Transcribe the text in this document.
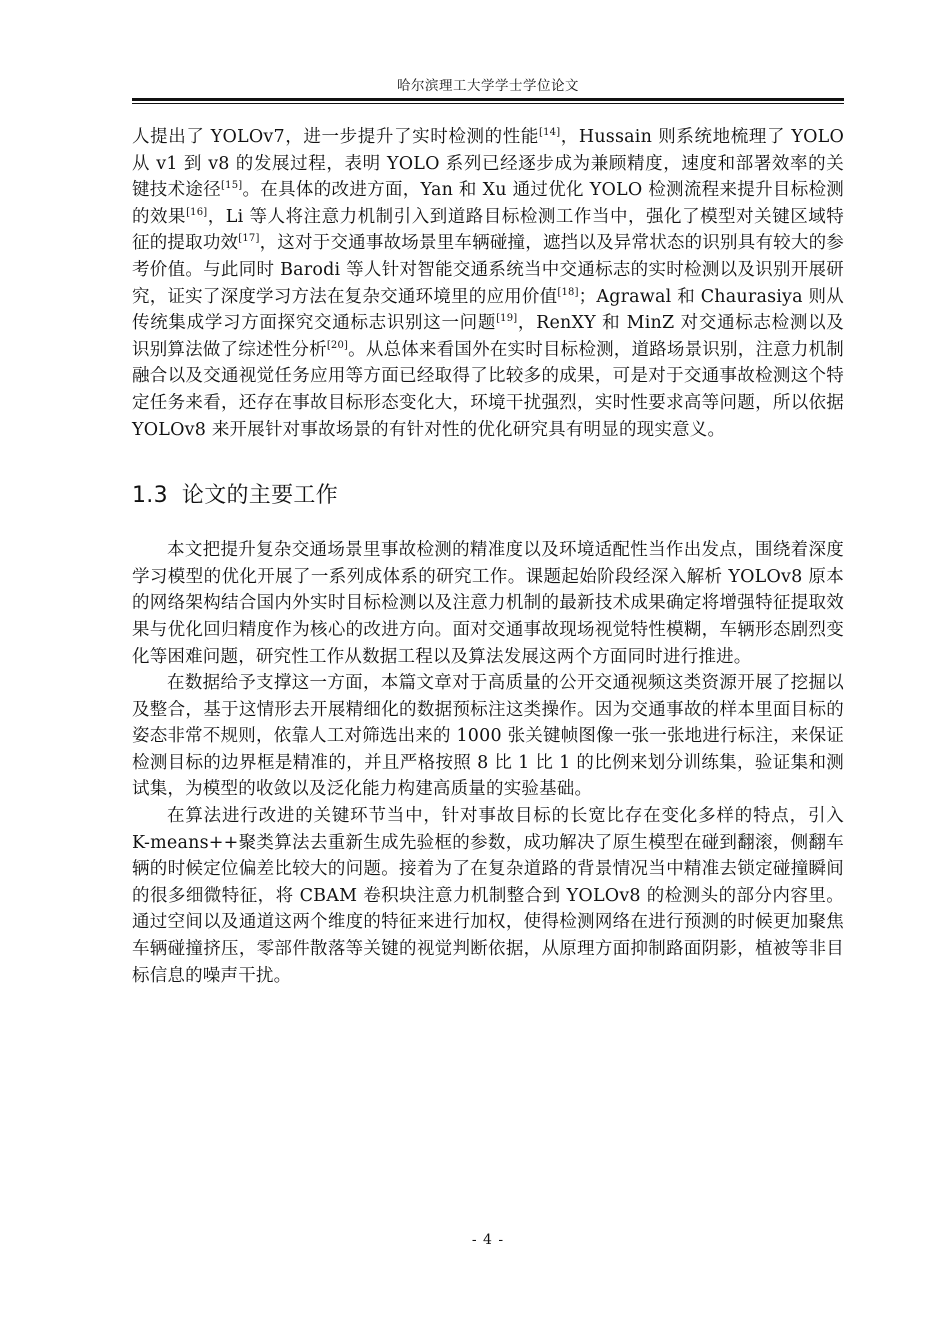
哈尔滨理工大学学士学位论文

人提出了 YOLOv7，进一步提升了实时检测的性能[14]，Hussain 则系统地梳理了 YOLO 从 v1 到 v8 的发展过程，表明 YOLO 系列已经逐步成为兼顾精度，速度和部署效率的关键技术途径[15]。在具体的改进方面，Yan 和 Xu 通过优化 YOLO 检测流程来提升目标检测的效果[16]，Li 等人将注意力机制引入到道路目标检测工作当中，强化了模型对关键区域特征的提取功效[17]，这对于交通事故场景里车辆碰撞，遮挡以及异常状态的识别具有较大的参考价值。与此同时 Barodi 等人针对智能交通系统当中交通标志的实时检测以及识别开展研究，证实了深度学习方法在复杂交通环境里的应用价值[18]；Agrawal 和 Chaurasiya 则从传统集成学习方面探究交通标志识别这一问题[19]，RenXY 和 MinZ 对交通标志检测以及识别算法做了综述性分析[20]。从总体来看国外在实时目标检测，道路场景识别，注意力机制融合以及交通视觉任务应用等方面已经取得了比较多的成果，可是对于交通事故检测这个特定任务来看，还存在事故目标形态变化大，环境干扰强烈，实时性要求高等问题，所以依据 YOLOv8 来开展针对事故场景的有针对性的优化研究具有明显的现实意义。

1.3 论文的主要工作

本文把提升复杂交通场景里事故检测的精准度以及环境适配性当作出发点，围绕着深度学习模型的优化开展了一系列成体系的研究工作。课题起始阶段经深入解析 YOLOv8 原本的网络架构结合国内外实时目标检测以及注意力机制的最新技术成果确定将增强特征提取效果与优化回归精度作为核心的改进方向。面对交通事故现场视觉特性模糊，车辆形态剧烈变化等困难问题，研究性工作从数据工程以及算法发展这两个方面同时进行推进。

在数据给予支撑这一方面，本篇文章对于高质量的公开交通视频这类资源开展了挖掘以及整合，基于这情形去开展精细化的数据预标注这类操作。因为交通事故的样本里面目标的姿态非常不规则，依靠人工对筛选出来的 1000 张关键帧图像一张一张地进行标注，来保证检测目标的边界框是精准的，并且严格按照 8 比 1 比 1 的比例来划分训练集，验证集和测试集，为模型的收敛以及泛化能力构建高质量的实验基础。

在算法进行改进的关键环节当中，针对事故目标的长宽比存在变化多样的特点，引入 K-means++聚类算法去重新生成先验框的参数，成功解决了原生模型在碰到翻滚，侧翻车辆的时候定位偏差比较大的问题。接着为了在复杂道路的背景情况当中精准去锁定碰撞瞬间的很多细微特征，将 CBAM 卷积块注意力机制整合到 YOLOv8 的检测头的部分内容里。通过空间以及通道这两个维度的特征来进行加权，使得检测网络在进行预测的时候更加聚焦车辆碰撞挤压，零部件散落等关键的视觉判断依据，从原理方面抑制路面阴影，植被等非目标信息的噪声干扰。

- 4 -
